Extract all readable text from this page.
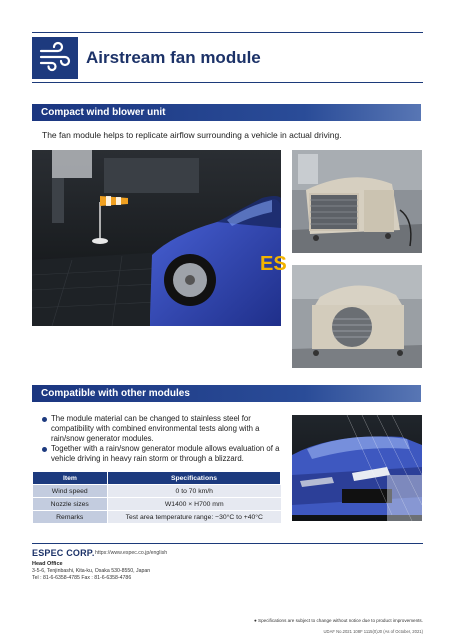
Airstream fan module
Compact wind blower unit
The fan module helps to replicate airflow surrounding a vehicle in actual driving.
ES
Compatible with other modules
The module material can be changed to stainless steel for compatibility with combined environmental tests along with a rain/snow generator modules.
Together with a rain/snow generator module allows evaluation of a vehicle driving in heavy rain storm or through a blizzard.
Item	Specifications
Wind speed	0 to 70 km/h
Nozzle sizes	W1400 × H700 mm
Remarks	Test area temperature range: −30°C to +40°C
ESPEC CORP. https://www.espec.co.jp/english
Head Office
3-5-6, Tenjinbashi, Kita-ku, Osaka 530-8550, Japan
Tel : 81-6-6358-4785 Fax : 81-6-6358-4786
● Specifications are subject to change without notice due to product improvements.
UDAF No.2021 108F 1115(0)J0 (As of October, 2021)
